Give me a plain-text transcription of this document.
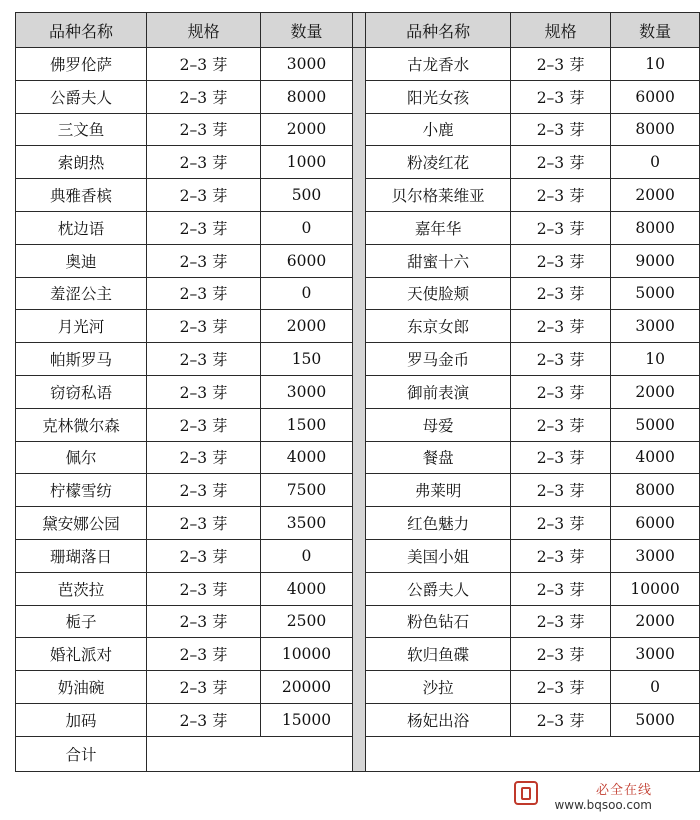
品种名称	规格	数量		品种名称	规格	数量
佛罗伦萨	2–3 芽	3000		古龙香水	2–3 芽	10
公爵夫人	2–3 芽	8000		阳光女孩	2–3 芽	6000
三文鱼	2–3 芽	2000		小鹿	2–3 芽	8000
索朗热	2–3 芽	1000		粉凌红花	2–3 芽	0
典雅香槟	2–3 芽	500		贝尔格莱维亚	2–3 芽	2000
枕边语	2–3 芽	0		嘉年华	2–3 芽	8000
奥迪	2–3 芽	6000		甜蜜十六	2–3 芽	9000
羞涩公主	2–3 芽	0		天使脸颊	2–3 芽	5000
月光河	2–3 芽	2000		东京女郎	2–3 芽	3000
帕斯罗马	2–3 芽	150		罗马金币	2–3 芽	10
窃窃私语	2–3 芽	3000		御前表演	2–3 芽	2000
克林微尔森	2–3 芽	1500		母爱	2–3 芽	5000
佩尔	2–3 芽	4000		餐盘	2–3 芽	4000
柠檬雪纺	2–3 芽	7500		弗莱明	2–3 芽	8000
黛安娜公园	2–3 芽	3500		红色魅力	2–3 芽	6000
珊瑚落日	2–3 芽	0		美国小姐	2–3 芽	3000
芭茨拉	2–3 芽	4000		公爵夫人	2–3 芽	10000
栀子	2–3 芽	2500		粉色钻石	2–3 芽	2000
婚礼派对	2–3 芽	10000		软归鱼碟	2–3 芽	3000
奶油碗	2–3 芽	20000		沙拉	2–3 芽	0
加码	2–3 芽	15000		杨妃出浴	2–3 芽	5000
合计						
必全在线
www.bqsoo.com
